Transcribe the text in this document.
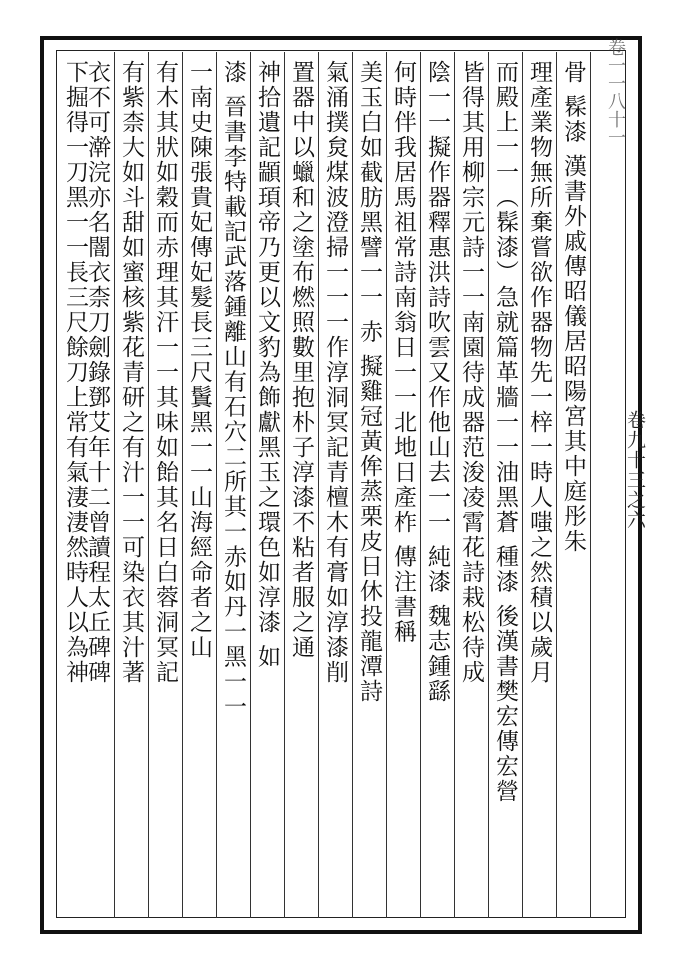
卷一一八十一
卷九十三之六
骨 髹漆 漢書外戚傳昭儀居昭陽宮其中庭彤朱
理產業物無所棄嘗欲作器物先一梓一時人嗤之然積以歲月
而殿上一一（髹漆）急就篇革牆一一油黑蒼 種漆 後漢書樊宏傳宏營
皆得其用柳宗元詩一一南園待成器范浚凌霄花詩栽松待成
陰一一擬作器釋惠洪詩吹雲又作他山去一一 純漆 魏志鍾繇
何時伴我居馬祖常詩南翁日一一北地日產柞 傳注書稱
美玉白如截肪黑譬一一 赤 擬雞冠黃侔蒸栗皮日休投龍潭詩
氣涌撲炱煤波澄掃一一一作淳洞冥記青檀木有膏如淳漆削
置器中以蠟和之塗布燃照數里抱朴子淳漆不粘者服之通
神拾遺記顓頊帝乃更以文豹為飾獻黑玉之環色如淳漆 如
漆 晉書李特載記武落鍾離山有石穴二所其一赤如丹一黑一一
一南史陳張貴妃傳妃髮長三尺鬒黑一一山海經命者之山
有木其狀如穀而赤理其汗一一其味如飴其名日白蓉洞冥記
有紫柰大如斗甜如蜜核紫花青研之有汁一一可染衣其汁著
衣不可澣浣亦名闇衣柰刀劍錄鄧艾年十二曾讀程太丘碑碑
下掘得一刀黑一一長三尺餘刀上常有氣淒淒然時人以為神
